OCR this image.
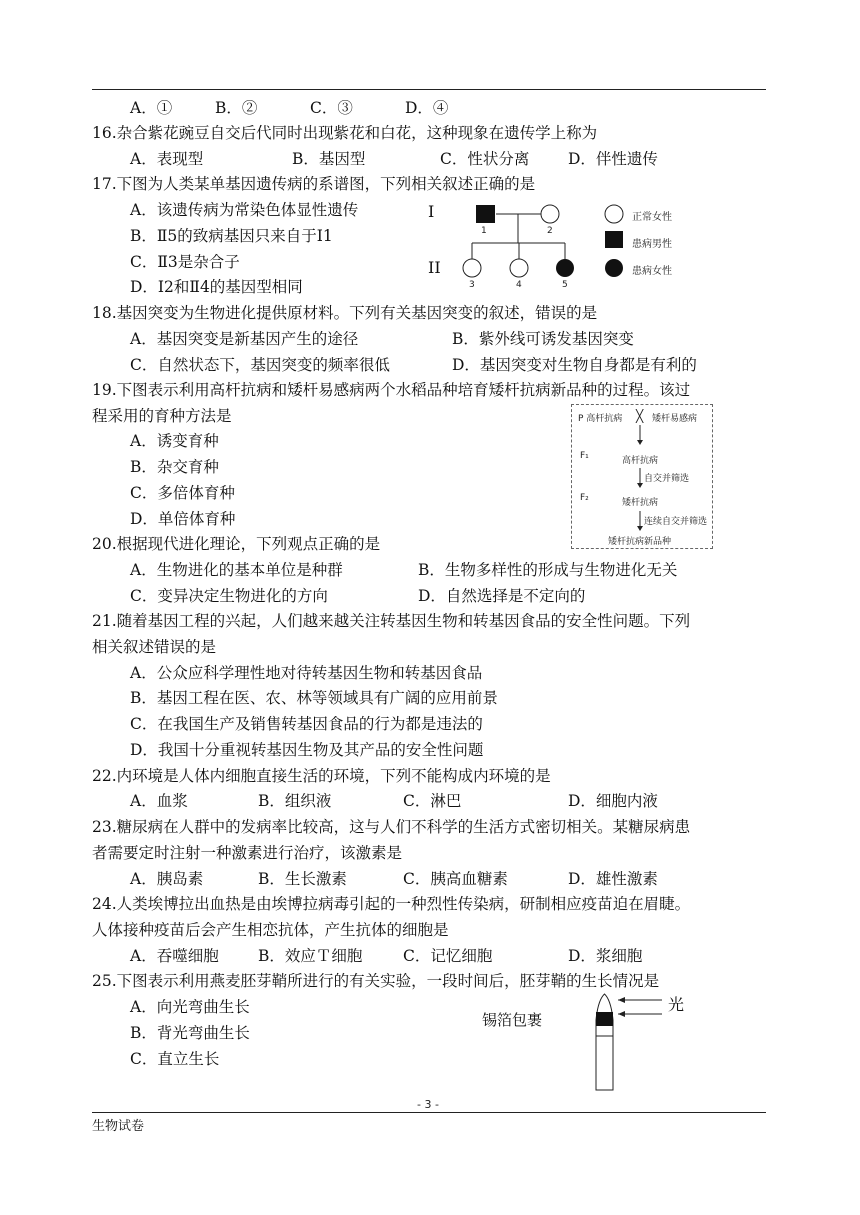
A．①	B．②	C．③	D．④
16.杂合紫花豌豆自交后代同时出现紫花和白花，这种现象在遗传学上称为
A．表现型	B．基因型	C．性状分离 D．伴性遗传
17.下图为人类某单基因遗传病的系谱图，下列相关叙述正确的是
A．该遗传病为常染色体显性遗传
B．Ⅱ5的致病基因只来自于Ⅰ1
C．Ⅱ3是杂合子
D．Ⅰ2和Ⅱ4的基因型相同
I
II
1	2
3	4	5
正常女性
患病男性
患病女性
18.基因突变为生物进化提供原材料。下列有关基因突变的叙述，错误的是
A．基因突变是新基因产生的途径	B．紫外线可诱发基因突变
C．自然状态下，基因突变的频率很低	D．基因突变对生物自身都是有利的
19.下图表示利用高杆抗病和矮杆易感病两个水稻品种培育矮杆抗病新品种的过程。该过
程采用的育种方法是
A．诱变育种
B．杂交育种
C．多倍体育种
D．单倍体育种
P 高杆抗病 ╳ 矮杆易感病
F₁	高杆抗病
自交并筛选
F₂	矮杆抗病
连续自交并筛选
矮杆抗病新品种
20.根据现代进化理论，下列观点正确的是
A．生物进化的基本单位是种群	B．生物多样性的形成与生物进化无关
C．变异决定生物进化的方向	D．自然选择是不定向的
21.随着基因工程的兴起，人们越来越关注转基因生物和转基因食品的安全性问题。下列
相关叙述错误的是
A．公众应科学理性地对待转基因生物和转基因食品
B．基因工程在医、农、林等领域具有广阔的应用前景
C．在我国生产及销售转基因食品的行为都是违法的
D．我国十分重视转基因生物及其产品的安全性问题
22.内环境是人体内细胞直接生活的环境，下列不能构成内环境的是
A．血浆	B．组织液	C．淋巴	D．细胞内液
23.糖尿病在人群中的发病率比较高，这与人们不科学的生活方式密切相关。某糖尿病患
者需要定时注射一种激素进行治疗，该激素是
A．胰岛素	B．生长激素	C．胰高血糖素	D．雄性激素
24.人类埃博拉出血热是由埃博拉病毒引起的一种烈性传染病，研制相应疫苗迫在眉睫。
人体接种疫苗后会产生相恋抗体，产生抗体的细胞是
A．吞噬细胞	B．效应Ｔ细胞	C．记忆细胞	D．浆细胞
25.下图表示利用燕麦胚芽鞘所进行的有关实验，一段时间后，胚芽鞘的生长情况是
A．向光弯曲生长
B．背光弯曲生长
C．直立生长
锡箔包裹
光
- 3 -
生物试卷
